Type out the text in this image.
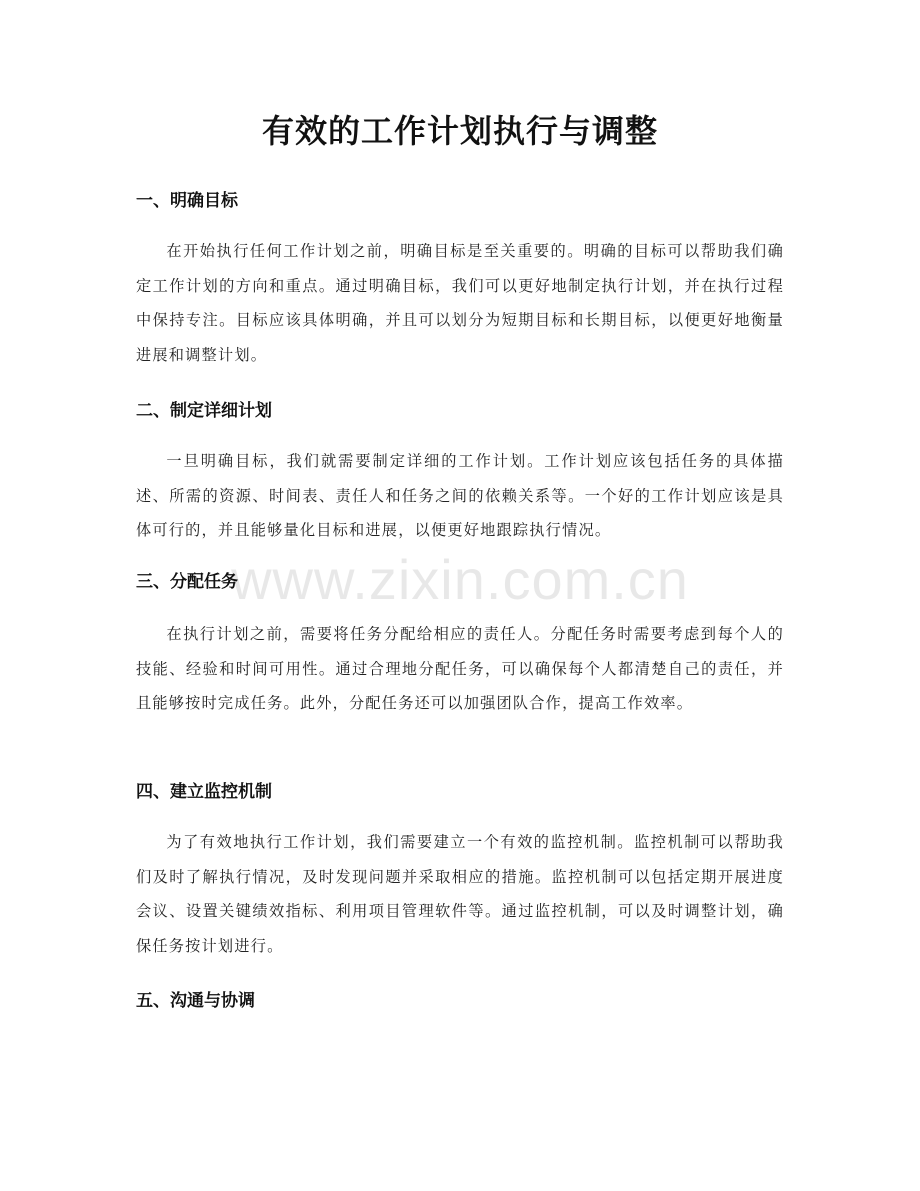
有效的工作计划执行与调整
一、明确目标

在开始执行任何工作计划之前，明确目标是至关重要的。明确的目标可以帮助我们确定工作计划的方向和重点。通过明确目标，我们可以更好地制定执行计划，并在执行过程中保持专注。目标应该具体明确，并且可以划分为短期目标和长期目标，以便更好地衡量进展和调整计划。

二、制定详细计划

一旦明确目标，我们就需要制定详细的工作计划。工作计划应该包括任务的具体描述、所需的资源、时间表、责任人和任务之间的依赖关系等。一个好的工作计划应该是具体可行的，并且能够量化目标和进展，以便更好地跟踪执行情况。

三、分配任务

在执行计划之前，需要将任务分配给相应的责任人。分配任务时需要考虑到每个人的技能、经验和时间可用性。通过合理地分配任务，可以确保每个人都清楚自己的责任，并且能够按时完成任务。此外，分配任务还可以加强团队合作，提高工作效率。

四、建立监控机制

为了有效地执行工作计划，我们需要建立一个有效的监控机制。监控机制可以帮助我们及时了解执行情况，及时发现问题并采取相应的措施。监控机制可以包括定期开展进度会议、设置关键绩效指标、利用项目管理软件等。通过监控机制，可以及时调整计划，确保任务按计划进行。

五、沟通与协调
www.zixin.com.cn
